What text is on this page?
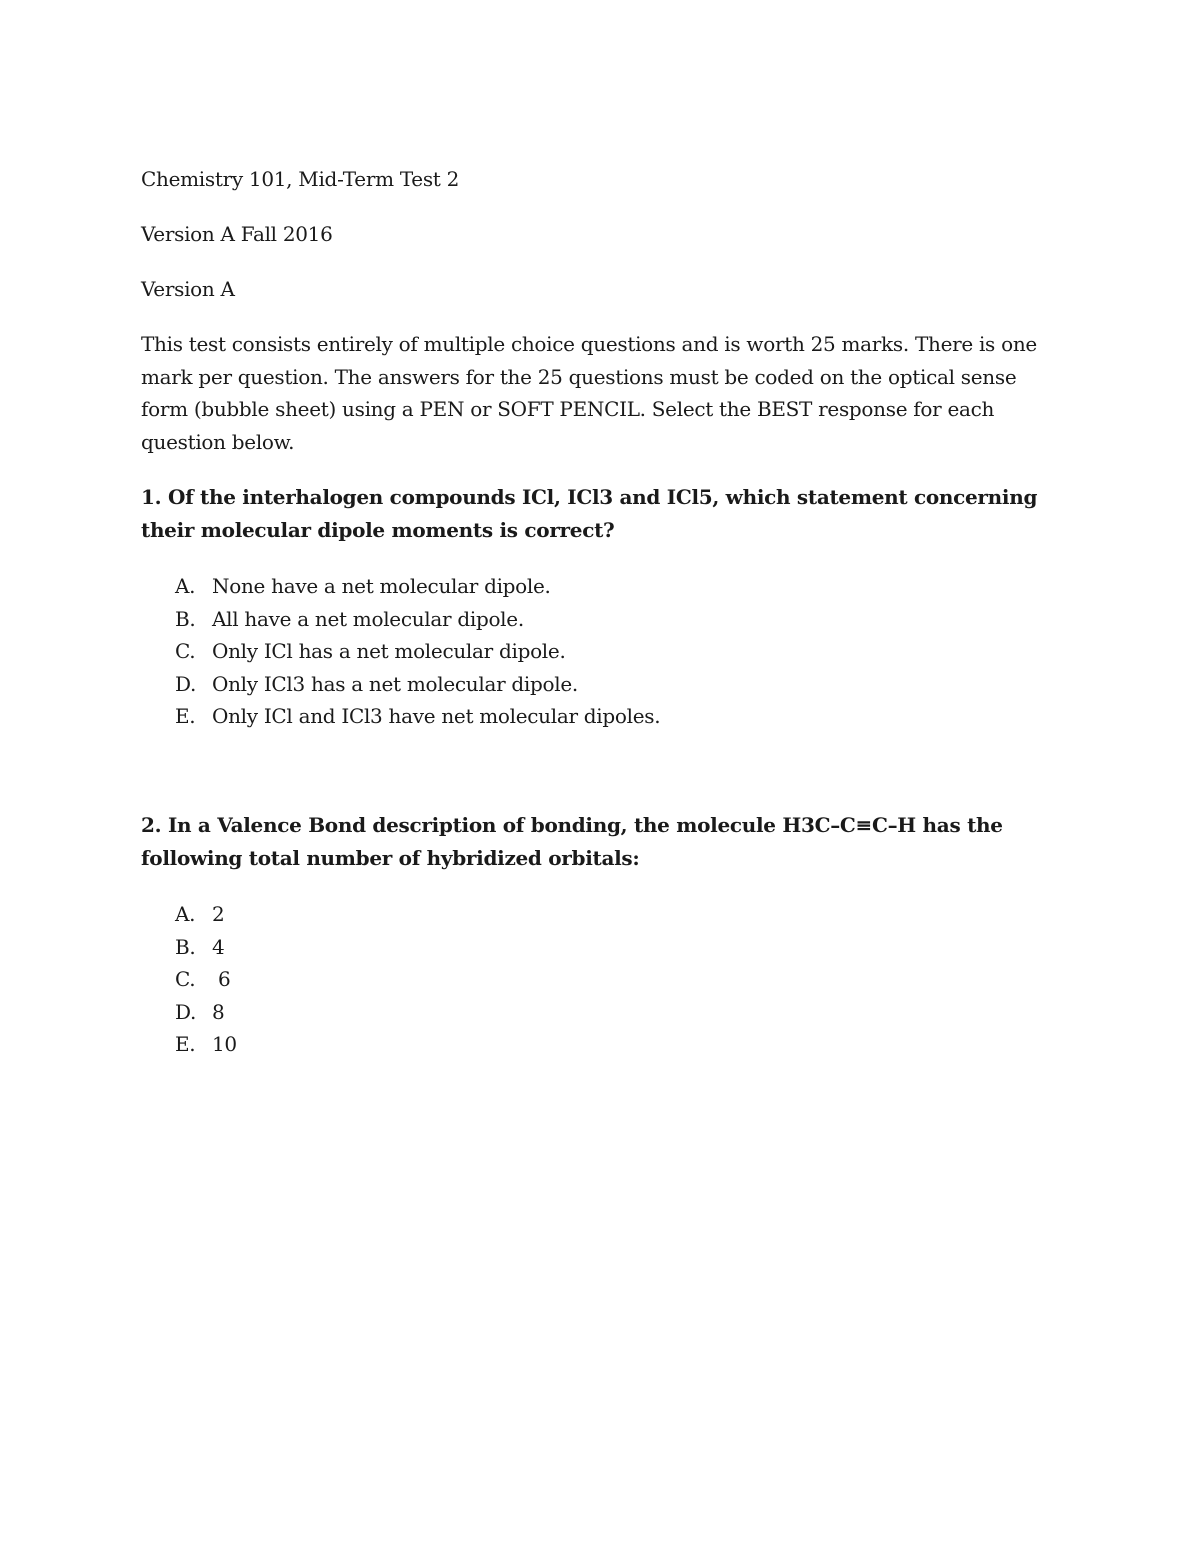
Chemistry 101, Mid-Term Test 2

Version A Fall 2016

Version A

This test consists entirely of multiple choice questions and is worth 25 marks. There is one mark per question. The answers for the 25 questions must be coded on the optical sense form (bubble sheet) using a PEN or SOFT PENCIL. Select the BEST response for each question below.

1. Of the interhalogen compounds ICl, ICl3 and ICl5, which statement concerning their molecular dipole moments is correct?

A. None have a net molecular dipole.
B. All have a net molecular dipole.
C. Only ICl has a net molecular dipole.
D. Only ICl3 has a net molecular dipole.
E. Only ICl and ICl3 have net molecular dipoles.

2. In a Valence Bond description of bonding, the molecule H3C–C≡C–H has the following total number of hybridized orbitals:

A. 2
B. 4
C. 6
D. 8
E. 10
